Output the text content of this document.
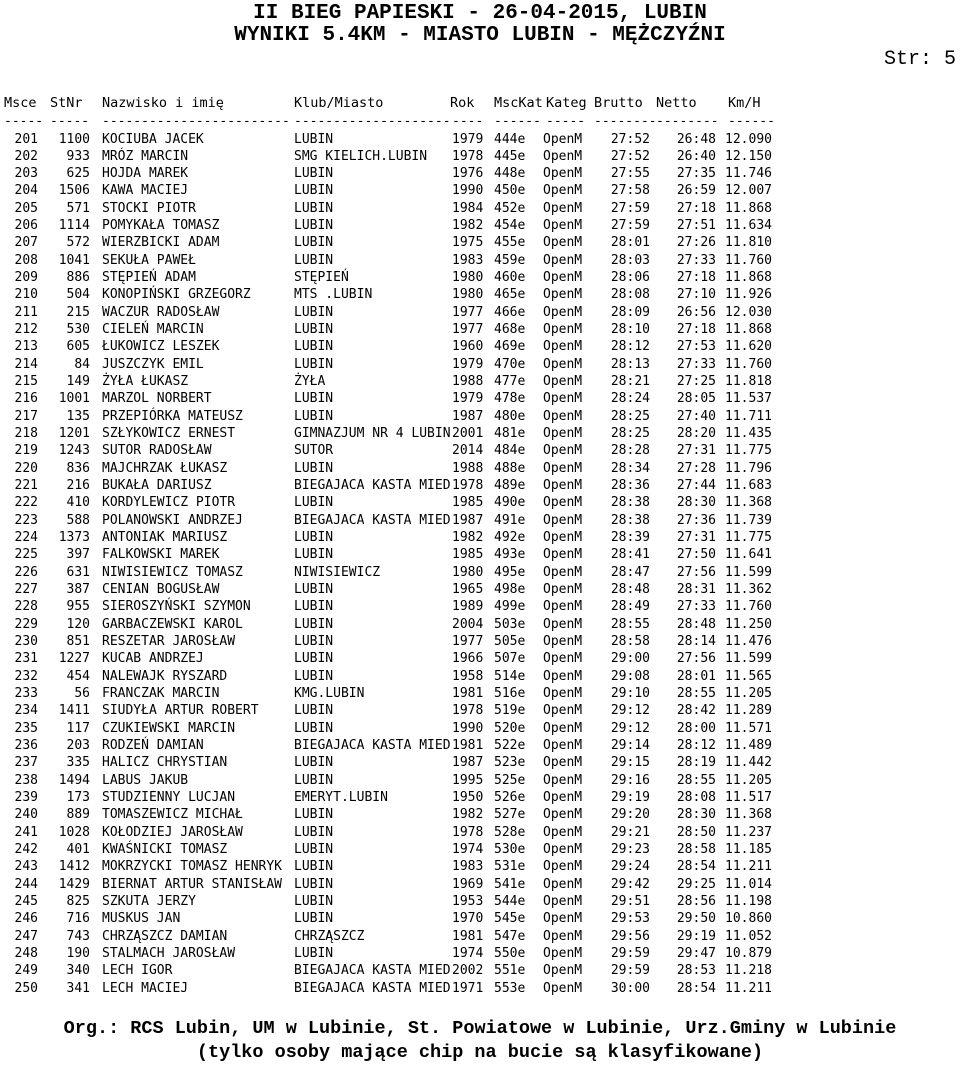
II BIEG PAPIESKI - 26-04-2015, LUBIN
WYNIKI 5.4KM - MIASTO LUBIN - MĘŻCZYŹNI
Str: 5
Msce StNr	Nazwisko i imię	Klub/Miasto	Rok	MscKat Kateg Brutto Netto	Km/H
----- ----- ------------------------ -------------------- ---- ------ ----- -------- -------- ------
201	1100 KOCIUBA JACEK	LUBIN	1979 444e	OpenM	27:52	26:48 12.090
202	933 MRÓZ MARCIN	SMG KIELICH.LUBIN	1978 445e	OpenM	27:52	26:40 12.150
203	625 HOJDA MAREK	LUBIN	1976 448e	OpenM	27:55	27:35 11.746
204	1506 KAWA MACIEJ	LUBIN	1990 450e	OpenM	27:58	26:59 12.007
205	571 STOCKI PIOTR	LUBIN	1984 452e	OpenM	27:59	27:18 11.868
206	1114 POMYKAŁA TOMASZ	LUBIN	1982 454e	OpenM	27:59	27:51 11.634
207	572 WIERZBICKI ADAM	LUBIN	1975 455e	OpenM	28:01	27:26 11.810
208	1041 SEKUŁA PAWEŁ	LUBIN	1983 459e	OpenM	28:03	27:33 11.760
209	886 STĘPIEŃ ADAM	STĘPIEŃ	1980 460e	OpenM	28:06	27:18 11.868
210	504 KONOPIŃSKI GRZEGORZ	MTS .LUBIN	1980 465e	OpenM	28:08	27:10 11.926
211	215 WACZUR RADOSŁAW	LUBIN	1977 466e	OpenM	28:09	26:56 12.030
212	530 CIELEŃ MARCIN	LUBIN	1977 468e	OpenM	28:10	27:18 11.868
213	605 ŁUKOWICZ LESZEK	LUBIN	1960 469e	OpenM	28:12	27:53 11.620
214	84 JUSZCZYK EMIL	LUBIN	1979 470e	OpenM	28:13	27:33 11.760
215	149 ŻYŁA ŁUKASZ	ŻYŁA	1988 477e	OpenM	28:21	27:25 11.818
216	1001 MARZOL NORBERT	LUBIN	1979 478e	OpenM	28:24	28:05 11.537
217	135 PRZEPIÓRKA MATEUSZ	LUBIN	1987 480e	OpenM	28:25	27:40 11.711
218	1201 SZŁYKOWICZ ERNEST	GIMNAZJUM NR 4 LUBIN 2001 481e	OpenM	28:25	28:20 11.435
219	1243 SUTOR RADOSŁAW	SUTOR	2014 484e	OpenM	28:28	27:31 11.775
220	836 MAJCHRZAK ŁUKASZ	LUBIN	1988 488e	OpenM	28:34	27:28 11.796
221	216 BUKAŁA DARIUSZ	BIEGAJACA KASTA MIED 1978 489e	OpenM	28:36	27:44 11.683
222	410 KORDYLEWICZ PIOTR	LUBIN	1985 490e	OpenM	28:38	28:30 11.368
223	588 POLANOWSKI ANDRZEJ	BIEGAJACA KASTA MIED 1987 491e	OpenM	28:38	27:36 11.739
224	1373 ANTONIAK MARIUSZ	LUBIN	1982 492e	OpenM	28:39	27:31 11.775
225	397 FALKOWSKI MAREK	LUBIN	1985 493e	OpenM	28:41	27:50 11.641
226	631 NIWISIEWICZ TOMASZ	NIWISIEWICZ	1980 495e	OpenM	28:47	27:56 11.599
227	387 CENIAN BOGUSŁAW	LUBIN	1965 498e	OpenM	28:48	28:31 11.362
228	955 SIEROSZYŃSKI SZYMON	LUBIN	1989 499e	OpenM	28:49	27:33 11.760
229	120 GARBACZEWSKI KAROL	LUBIN	2004 503e	OpenM	28:55	28:48 11.250
230	851 RESZETAR JAROSŁAW	LUBIN	1977 505e	OpenM	28:58	28:14 11.476
231	1227 KUCAB ANDRZEJ	LUBIN	1966 507e	OpenM	29:00	27:56 11.599
232	454 NALEWAJK RYSZARD	LUBIN	1958 514e	OpenM	29:08	28:01 11.565
233	56 FRANCZAK MARCIN	KMG.LUBIN	1981 516e	OpenM	29:10	28:55 11.205
234	1411 SIUDYŁA ARTUR ROBERT	LUBIN	1978 519e	OpenM	29:12	28:42 11.289
235	117 CZUKIEWSKI MARCIN	LUBIN	1990 520e	OpenM	29:12	28:00 11.571
236	203 RODZEŃ DAMIAN	BIEGAJACA KASTA MIED 1981 522e	OpenM	29:14	28:12 11.489
237	335 HALICZ CHRYSTIAN	LUBIN	1987 523e	OpenM	29:15	28:19 11.442
238	1494 LABUS JAKUB	LUBIN	1995 525e	OpenM	29:16	28:55 11.205
239	173 STUDZIENNY LUCJAN	EMERYT.LUBIN	1950 526e	OpenM	29:19	28:08 11.517
240	889 TOMASZEWICZ MICHAŁ	LUBIN	1982 527e	OpenM	29:20	28:30 11.368
241	1028 KOŁODZIEJ JAROSŁAW	LUBIN	1978 528e	OpenM	29:21	28:50 11.237
242	401 KWAŚNICKI TOMASZ	LUBIN	1974 530e	OpenM	29:23	28:58 11.185
243	1412 MOKRZYCKI TOMASZ HENRYK LUBIN	1983 531e	OpenM	29:24	28:54 11.211
244	1429 BIERNAT ARTUR STANISŁAW LUBIN	1969 541e	OpenM	29:42	29:25 11.014
245	825 SZKUTA JERZY	LUBIN	1953 544e	OpenM	29:51	28:56 11.198
246	716 MUSKUS JAN	LUBIN	1970 545e	OpenM	29:53	29:50 10.860
247	743 CHRZĄSZCZ DAMIAN	CHRZĄSZCZ	1981 547e	OpenM	29:56	29:19 11.052
248	190 STALMACH JAROSŁAW	LUBIN	1974 550e	OpenM	29:59	29:47 10.879
249	340 LECH IGOR	BIEGAJACA KASTA MIED 2002 551e	OpenM	29:59	28:53 11.218
250	341 LECH MACIEJ	BIEGAJACA KASTA MIED 1971 553e	OpenM	30:00	28:54 11.211
Org.: RCS Lubin, UM w Lubinie, St. Powiatowe w Lubinie, Urz.Gminy w Lubinie
(tylko osoby mające chip na bucie są klasyfikowane)
